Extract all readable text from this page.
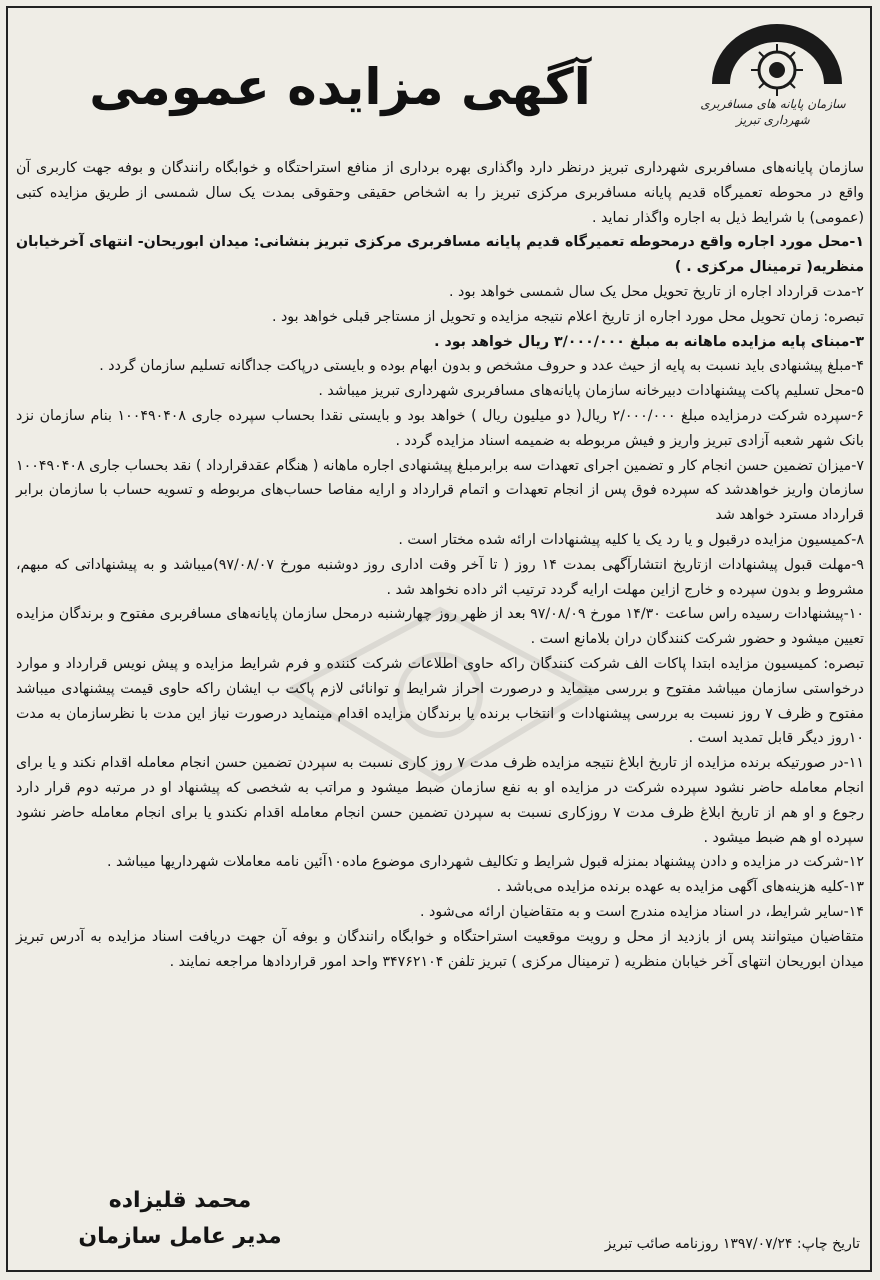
سازمان پایانه های مسافربری
شهرداری تبریز
آگهی مزایده عمومی

سازمان پایانه‌های مسافربری شهرداری تبریز درنظر دارد واگذاری بهره برداری از منافع استراحتگاه و خوابگاه رانندگان و بوفه جهت کاربری آن واقع در محوطه تعمیرگاه قدیم پایانه مسافربری مرکزی تبریز را به اشخاص حقیقی وحقوقی بمدت یک سال شمسی از طریق مزایده کتبی (عمومی) با شرایط ذیل به اجاره واگذار نماید .

۱-محل مورد اجاره واقع درمحوطه تعمیرگاه قدیم پایانه مسافربری مرکزی تبریز بنشانی: میدان ابوریحان- انتهای آخرخیابان منظریه( ترمینال مرکزی . )

۲-مدت قرارداد اجاره از تاریخ تحویل محل یک سال شمسی خواهد بود .

تبصره: زمان تحویل محل مورد اجاره از تاریخ اعلام نتیجه مزایده و تحویل از مستاجر قبلی خواهد بود .

۳-مبنای پایه مزایده ماهانه به مبلغ ۳/۰۰۰/۰۰۰ ریال خواهد بود .

۴-مبلغ پیشنهادی باید نسبت به پایه از حیث عدد و حروف مشخص و بدون ابهام بوده و بایستی درپاکت جداگانه تسلیم سازمان گردد .

۵-محل تسلیم پاکت پیشنهادات دبیرخانه سازمان پایانه‌های مسافربری شهرداری تبریز میباشد .

۶-سپرده شرکت درمزایده مبلغ ۲/۰۰۰/۰۰۰ ریال( دو میلیون ریال ) خواهد بود و بایستی نقدا بحساب سپرده جاری ۱۰۰۴۹۰۴۰۸ بنام سازمان نزد بانک شهر شعبه آزادی تبریز واریز و فیش مربوطه به ضمیمه اسناد مزایده گردد .

۷-میزان تضمین حسن انجام کار و تضمین اجرای تعهدات سه برابرمبلغ پیشنهادی اجاره ماهانه ( هنگام عقدقرارداد ) نقد بحساب جاری ۱۰۰۴۹۰۴۰۸ سازمان واریز خواهدشد که سپرده فوق پس از انجام تعهدات و اتمام قرارداد و ارایه مفاصا حساب‌های مربوطه و تسویه حساب با سازمان برابر قرارداد مسترد خواهد شد

۸-کمیسیون مزایده درقبول و یا رد یک یا کلیه پیشنهادات ارائه شده مختار است .

۹-مهلت قبول پیشنهادات ازتاریخ انتشارآگهی بمدت ۱۴ روز ( تا آخر وقت اداری روز دوشنبه مورخ ۹۷/۰۸/۰۷)میباشد و به پیشنهاداتی که مبهم، مشروط و بدون سپرده و خارج ازاین مهلت ارایه گردد ترتیب اثر داده نخواهد شد .

۱۰-پیشنهادات رسیده راس ساعت ۱۴/۳۰ مورخ ۹۷/۰۸/۰۹ بعد از ظهر روز چهارشنبه درمحل سازمان پایانه‌های مسافربری مفتوح و برندگان مزایده تعیین میشود و حضور شرکت کنندگان دران بلامانع است .

تبصره: کمیسیون مزایده ابتدا پاکات الف شرکت کنندگان راکه حاوی اطلاعات شرکت کننده و فرم شرایط مزایده و پیش نویس قرارداد و موارد درخواستی سازمان میباشد مفتوح و بررسی مینماید و درصورت احراز شرایط و توانائی لازم پاکت ب ایشان راکه حاوی قیمت پیشنهادی میباشد مفتوح و ظرف ۷ روز نسبت به بررسی پیشنهادات و انتخاب برنده یا برندگان مزایده اقدام مینماید درصورت نیاز این مدت با نظرسازمان به مدت ۱۰روز دیگر قابل تمدید است .

۱۱-در صورتیکه برنده مزایده از تاریخ ابلاغ نتیجه مزایده ظرف مدت ۷ روز کاری نسبت به سپردن تضمین حسن انجام معامله اقدام نکند و یا برای انجام معامله حاضر نشود سپرده شرکت در مزایده او به نفع سازمان ضبط میشود و مراتب به شخصی که پیشنهاد او در مرتبه دوم قرار دارد رجوع و او هم از تاریخ ابلاغ ظرف مدت ۷ روزکاری نسبت به سپردن تضمین حسن انجام معامله اقدام نکندو یا برای انجام معامله حاضر نشود سپرده او هم ضبط میشود .

۱۲-شرکت در مزایده و دادن پیشنهاد بمنزله قبول شرایط و تکالیف شهرداری موضوع ماده۱۰آئین نامه معاملات شهرداریها میباشد .

۱۳-کلیه هزینه‌های آگهی مزایده به عهده برنده مزایده می‌باشد .

۱۴-سایر شرایط، در اسناد مزایده مندرج است و به متقاضیان ارائه می‌شود .

متقاضیان میتوانند پس از بازدید از محل و رویت موقعیت استراحتگاه و خوابگاه رانندگان و بوفه آن جهت دریافت اسناد مزایده به آدرس تبریز میدان ابوریحان انتهای آخر خیابان منظریه ( ترمینال مرکزی ) تبریز تلفن ۳۴۷۶۲۱۰۴ واحد امور قراردادها مراجعه نمایند .

محمد قلیزاده
مدیر عامل سازمان	تاریخ چاپ: ۱۳۹۷/۰۷/۲۴ روزنامه صائب تبریز
